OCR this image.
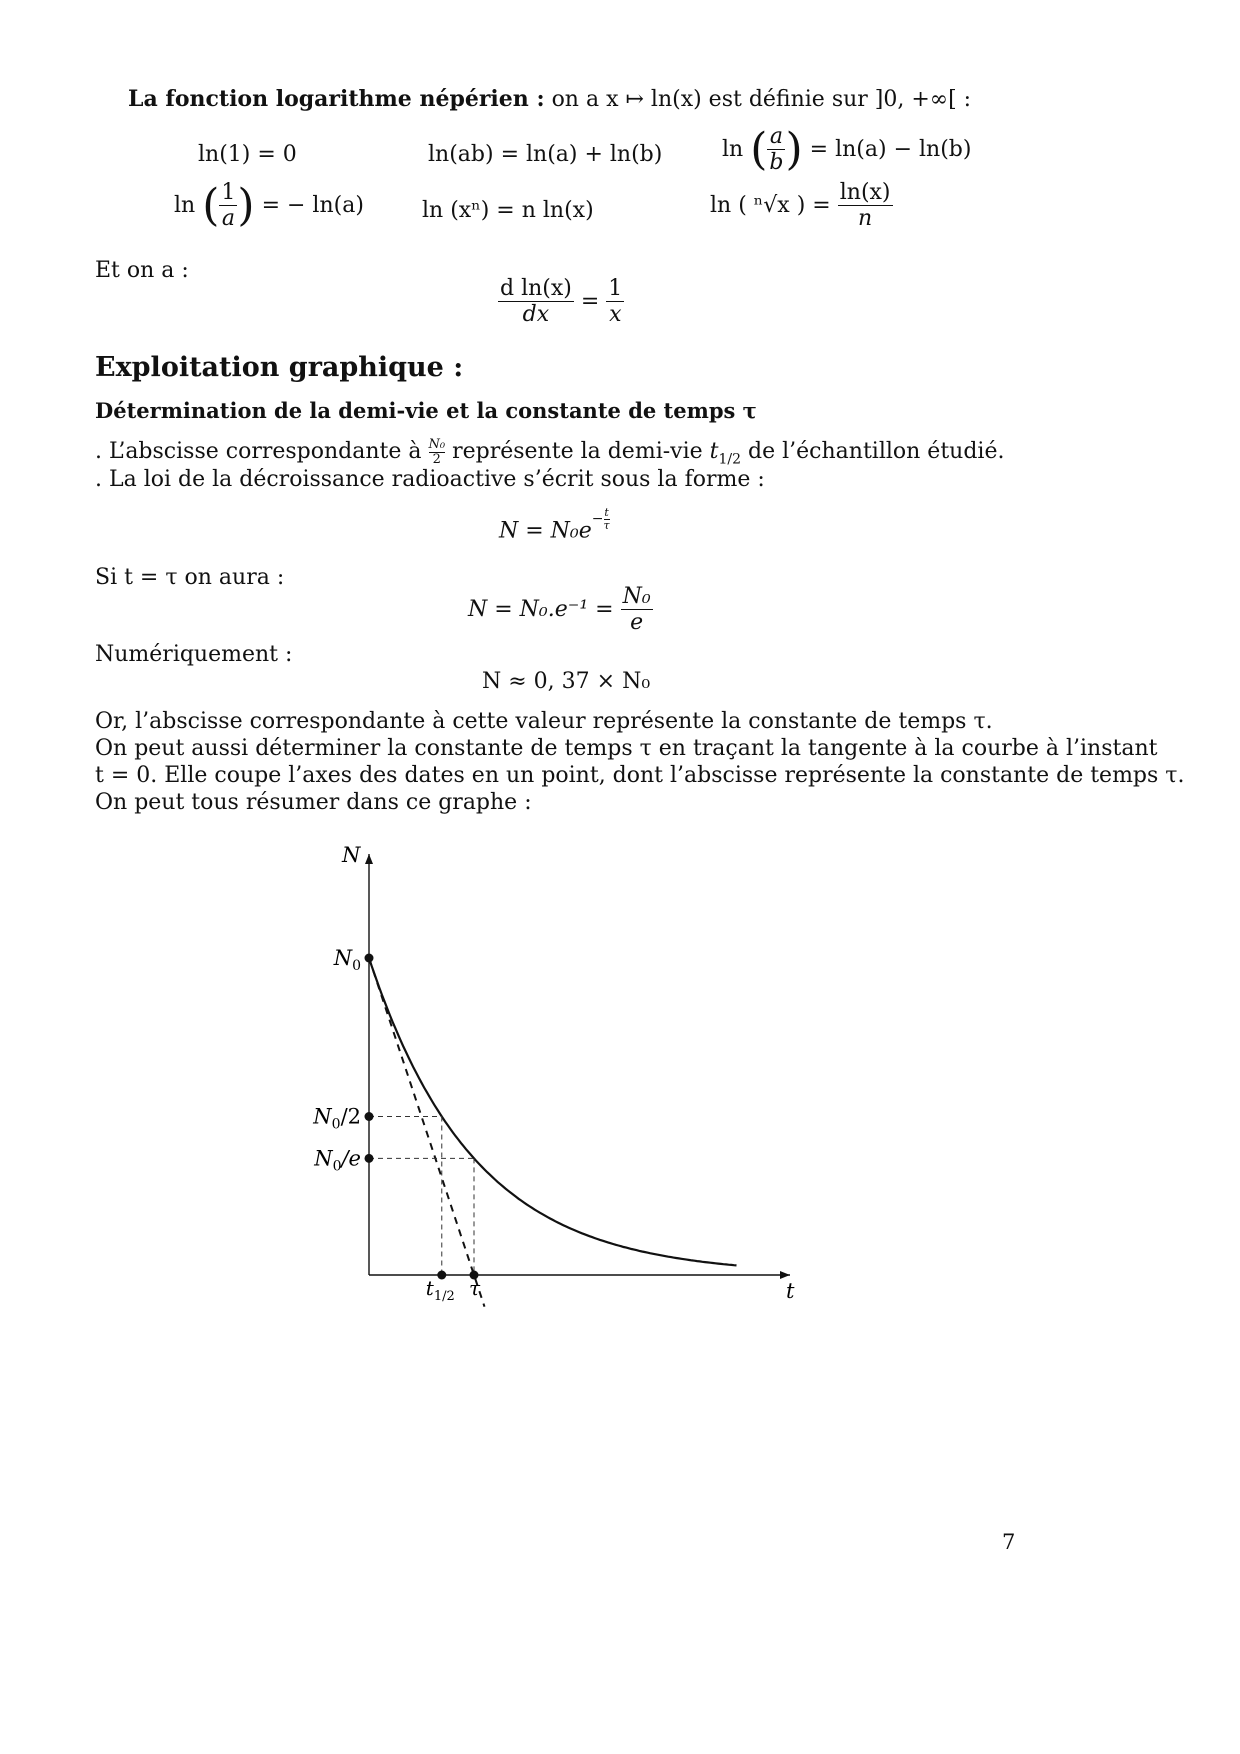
La fonction logarithme népérien : on a x ↦ ln(x) est définie sur ]0, +∞[ :
ln(1) = 0	ln(ab) = ln(a) + ln(b)	ln ( $\frac{a}{b}$ ) = ln(a) − ln(b)
ln ( $\frac{1}{a}$ ) = − ln(a)	ln (xⁿ) = n ln(x)	ln ( ⁿ√x ) = $\frac{\ln(x)}{n}$
Et on a :
$\frac{\text{d ln(x)}}{dx} = \frac{1}{x}$
Exploitation graphique :
Détermination de la demi-vie et la constante de temps τ
. L’abscisse correspondante à $\frac{\text{N₀}}{2}$ représente la demi-vie $t_{1/2}$ de l’échantillon étudié.
. La loi de la décroissance radioactive s’écrit sous la forme :
$N = N_0e^{- \frac{t}{\tau}}$
Si t = τ on aura :
$N = N_0.e^{-1} = \frac{\text{N₀}}{e}$
Numériquement :
N ≈ 0, 37 × N₀
Or, l’abscisse correspondante à cette valeur représente la constante de temps τ.
On peut aussi déterminer la constante de temps τ en traçant la tangente à la courbe à l’instant
t = 0. Elle coupe l’axes des dates en un point, dont l’abscisse représente la constante de temps τ.
On peut tous résumer dans ce graphe :
N
t
$N_0$
$N_0/2$
$N_0/e$
$t_{1/2}$ τ
7
